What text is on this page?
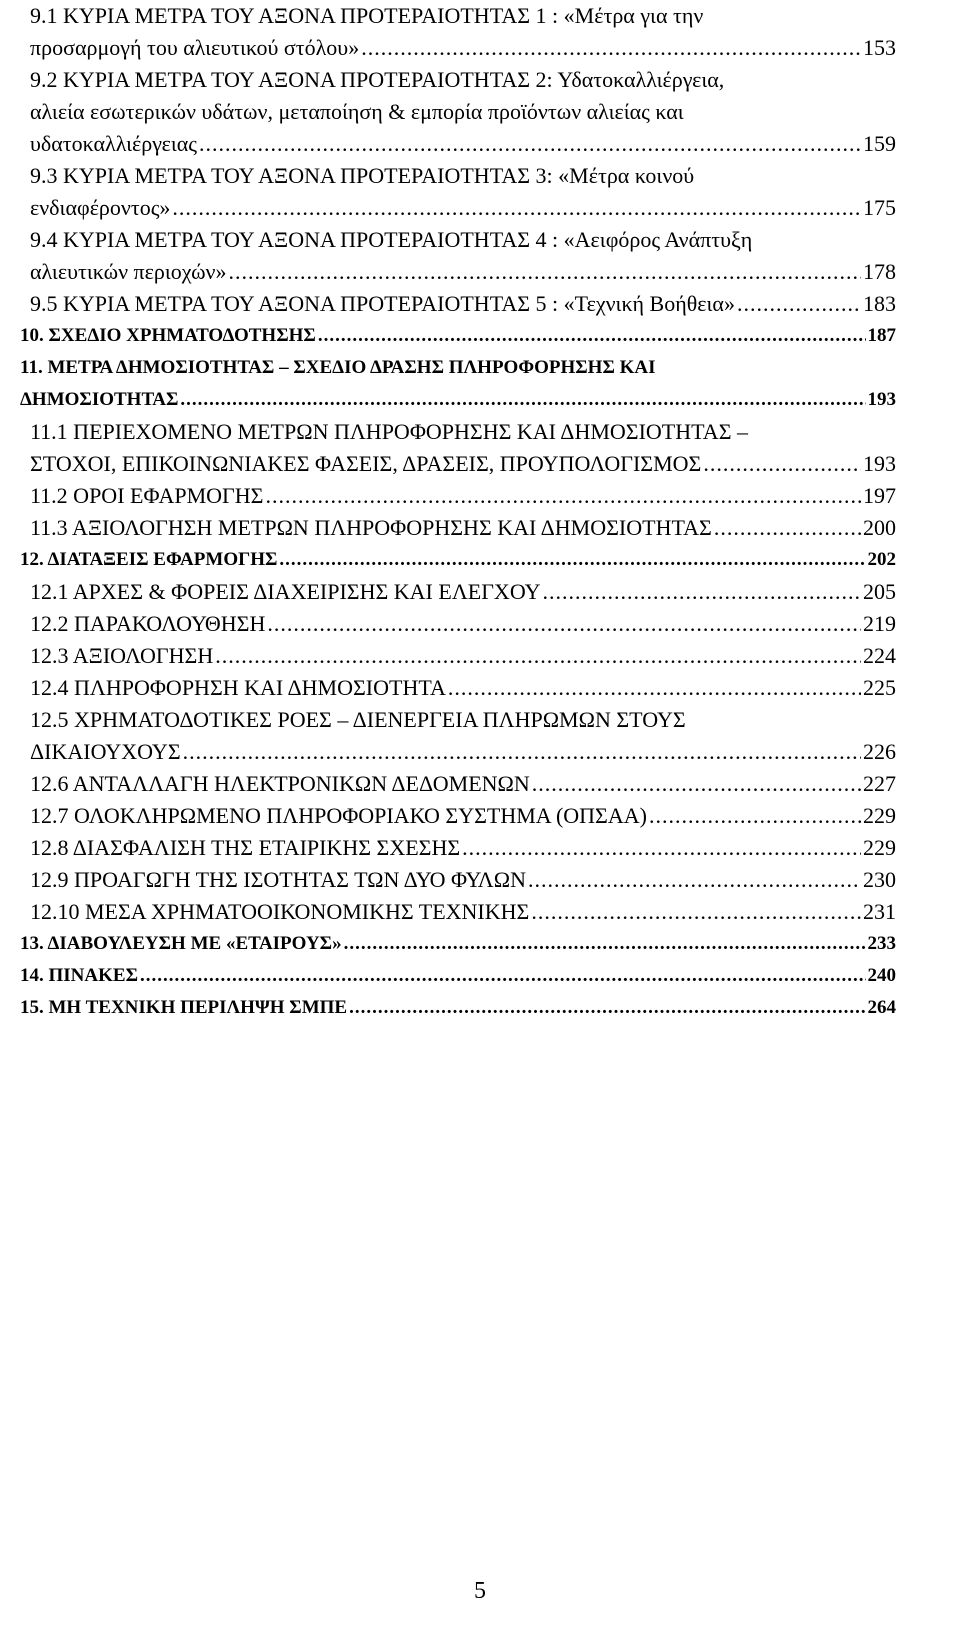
9.1 ΚΥΡΙΑ ΜΕΤΡΑ ΤΟΥ ΑΞΟΝΑ ΠΡΟΤΕΡΑΙΟΤΗΤΑΣ 1 : «Μέτρα για την
προσαρμογή του αλιευτικού στόλου» .....	153
9.2 ΚΥΡΙΑ ΜΕΤΡΑ ΤΟΥ ΑΞΟΝΑ ΠΡΟΤΕΡΑΙΟΤΗΤΑΣ 2: Υδατοκαλλιέργεια,
αλιεία εσωτερικών υδάτων, μεταποίηση & εμπορία προϊόντων αλιείας και
υδατοκαλλιέργειας .....	159
9.3 ΚΥΡΙΑ ΜΕΤΡΑ ΤΟΥ ΑΞΟΝΑ ΠΡΟΤΕΡΑΙΟΤΗΤΑΣ 3: «Μέτρα κοινού
ενδιαφέροντος» .....	175
9.4 ΚΥΡΙΑ ΜΕΤΡΑ ΤΟΥ ΑΞΟΝΑ ΠΡΟΤΕΡΑΙΟΤΗΤΑΣ 4 : «Αειφόρος Ανάπτυξη
αλιευτικών περιοχών» .....	178
9.5 ΚΥΡΙΑ ΜΕΤΡΑ ΤΟΥ ΑΞΟΝΑ ΠΡΟΤΕΡΑΙΟΤΗΤΑΣ 5 : «Τεχνική Βοήθεια» .....	183
10. ΣΧΕΔΙΟ ΧΡΗΜΑΤΟΔΟΤΗΣΗΣ .....	187
11. ΜΕΤΡΑ ΔΗΜΟΣΙΟΤΗΤΑΣ – ΣΧΕΔΙΟ ΔΡΑΣΗΣ ΠΛΗΡΟΦΟΡΗΣΗΣ ΚΑΙ
ΔΗΜΟΣΙΟΤΗΤΑΣ .....	193
11.1 ΠΕΡΙΕΧΟΜΕΝΟ ΜΕΤΡΩΝ ΠΛΗΡΟΦΟΡΗΣΗΣ ΚΑΙ ΔΗΜΟΣΙΟΤΗΤΑΣ –
ΣΤΟΧΟΙ, ΕΠΙΚΟΙΝΩΝΙΑΚΕΣ ΦΑΣΕΙΣ, ΔΡΑΣΕΙΣ, ΠΡΟΥΠΟΛΟΓΙΣΜΟΣ .....	193
11.2 ΟΡΟΙ ΕΦΑΡΜΟΓΗΣ .....	197
11.3 ΑΞΙΟΛΟΓΗΣΗ ΜΕΤΡΩΝ ΠΛΗΡΟΦΟΡΗΣΗΣ ΚΑΙ ΔΗΜΟΣΙΟΤΗΤΑΣ .....	200
12. ΔΙΑΤΑΞΕΙΣ ΕΦΑΡΜΟΓΗΣ .....	202
12.1 ΑΡΧΕΣ & ΦΟΡΕΙΣ ΔΙΑΧΕΙΡΙΣΗΣ ΚΑΙ ΕΛΕΓΧΟΥ .....	205
12.2 ΠΑΡΑΚΟΛΟΥΘΗΣΗ .....	219
12.3 ΑΞΙΟΛΟΓΗΣΗ .....	224
12.4 ΠΛΗΡΟΦΟΡΗΣΗ ΚΑΙ ΔΗΜΟΣΙΟΤΗΤΑ .....	225
12.5 ΧΡΗΜΑΤΟΔΟΤΙΚΕΣ ΡΟΕΣ – ΔΙΕΝΕΡΓΕΙΑ ΠΛΗΡΩΜΩΝ ΣΤΟΥΣ
ΔΙΚΑΙΟΥΧΟΥΣ .....	226
12.6 ΑΝΤΑΛΛΑΓΗ ΗΛΕΚΤΡΟΝΙΚΩΝ ΔΕΔΟΜΕΝΩΝ .....	227
12.7 ΟΛΟΚΛΗΡΩΜΕΝΟ ΠΛΗΡΟΦΟΡΙΑΚΟ ΣΥΣΤΗΜΑ (ΟΠΣΑΑ) .....	229
12.8 ΔΙΑΣΦΑΛΙΣΗ ΤΗΣ ΕΤΑΙΡΙΚΗΣ ΣΧΕΣΗΣ .....	229
12.9 ΠΡΟΑΓΩΓΗ ΤΗΣ ΙΣΟΤΗΤΑΣ ΤΩΝ ΔΥΟ ΦΥΛΩΝ .....	230
12.10 ΜΕΣΑ ΧΡΗΜΑΤΟΟΙΚΟΝΟΜΙΚΗΣ ΤΕΧΝΙΚΗΣ .....	231
13. ΔΙΑΒΟΥΛΕΥΣΗ ΜΕ «ΕΤΑΙΡΟΥΣ» .....	233
14. ΠΙΝΑΚΕΣ .....	240
15. ΜΗ ΤΕΧΝΙΚΗ ΠΕΡΙΛΗΨΗ ΣΜΠΕ .....	264
5
